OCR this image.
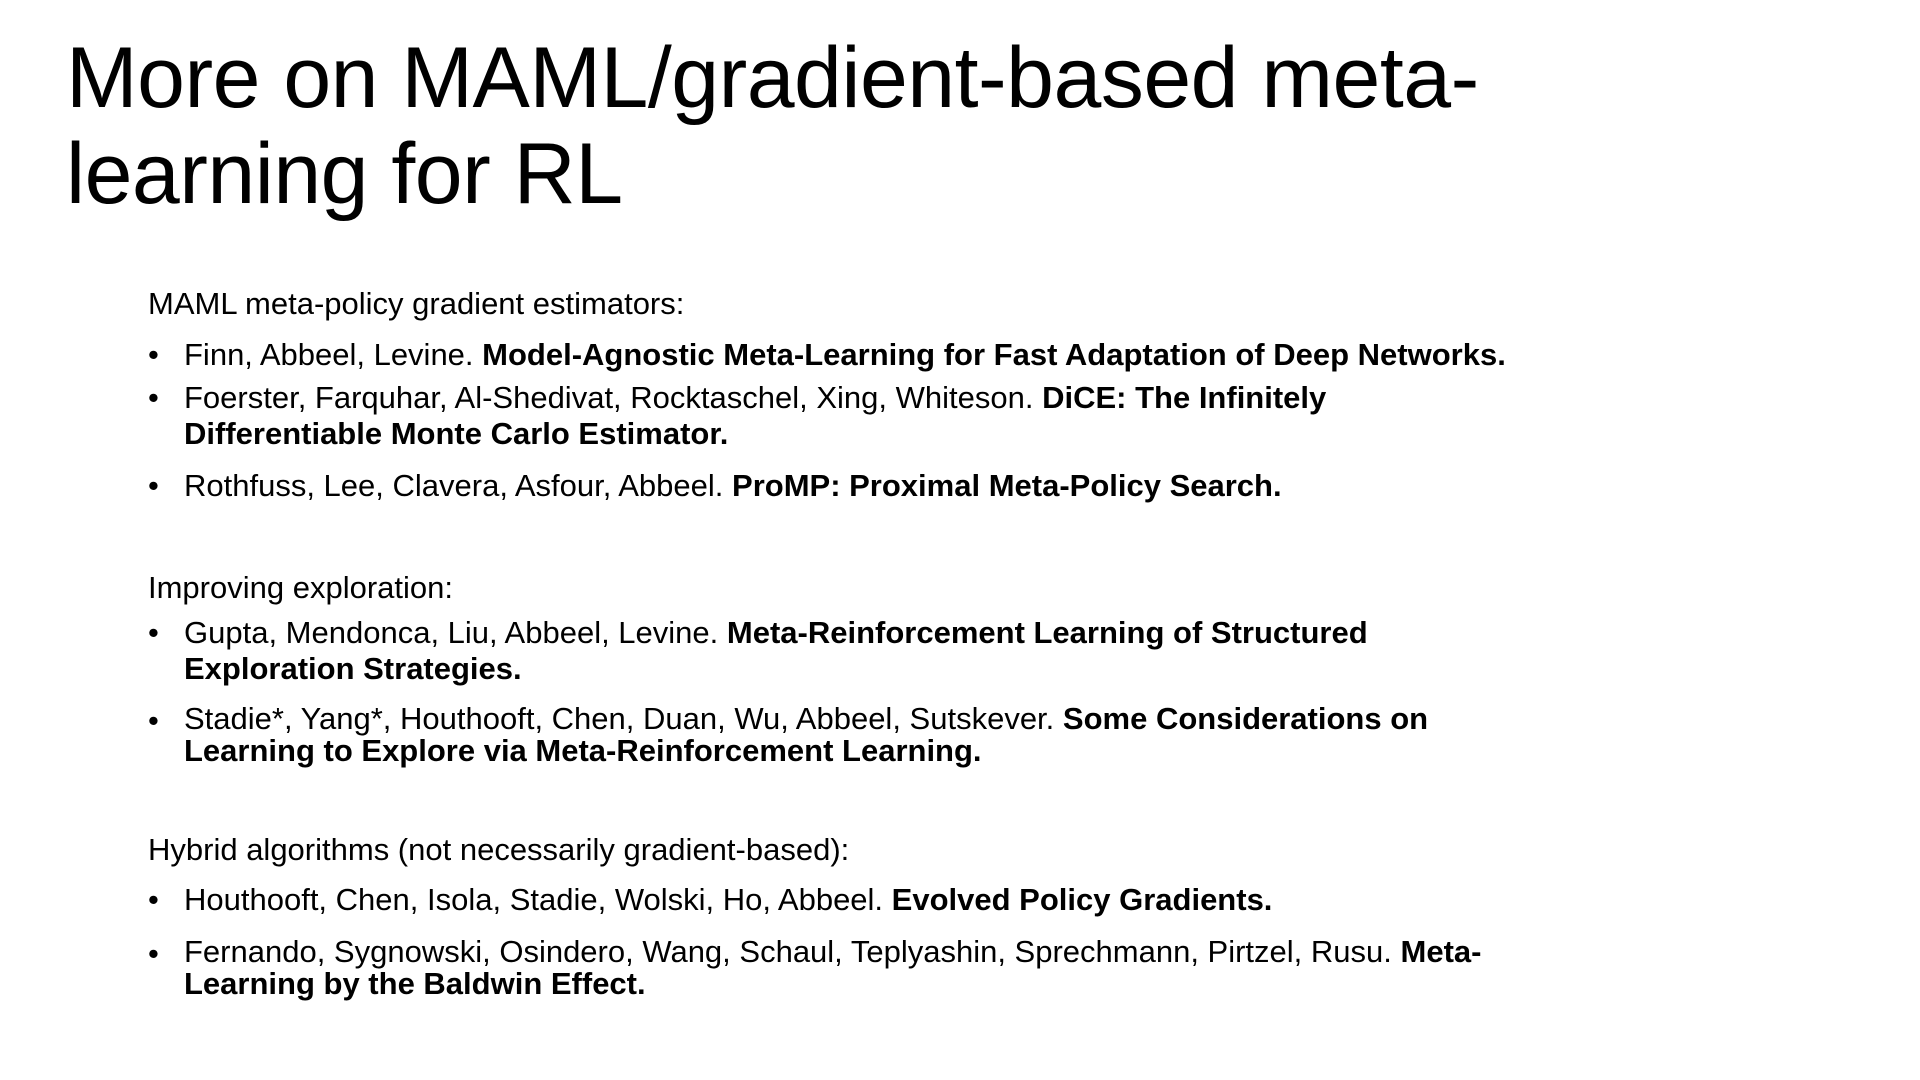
More on MAML/gradient-based meta-learning for RL
MAML meta-policy gradient estimators:
• Finn, Abbeel, Levine. Model-Agnostic Meta-Learning for Fast Adaptation of Deep Networks.
• Foerster, Farquhar, Al-Shedivat, Rocktaschel, Xing, Whiteson. DiCE: The Infinitely Differentiable Monte Carlo Estimator.
• Rothfuss, Lee, Clavera, Asfour, Abbeel. ProMP: Proximal Meta-Policy Search.
Improving exploration:
• Gupta, Mendonca, Liu, Abbeel, Levine. Meta-Reinforcement Learning of Structured Exploration Strategies.
• Stadie*, Yang*, Houthooft, Chen, Duan, Wu, Abbeel, Sutskever. Some Considerations on Learning to Explore via Meta-Reinforcement Learning.
Hybrid algorithms (not necessarily gradient-based):
• Houthooft, Chen, Isola, Stadie, Wolski, Ho, Abbeel. Evolved Policy Gradients.
• Fernando, Sygnowski, Osindero, Wang, Schaul, Teplyashin, Sprechmann, Pirtzel, Rusu. Meta-Learning by the Baldwin Effect.
